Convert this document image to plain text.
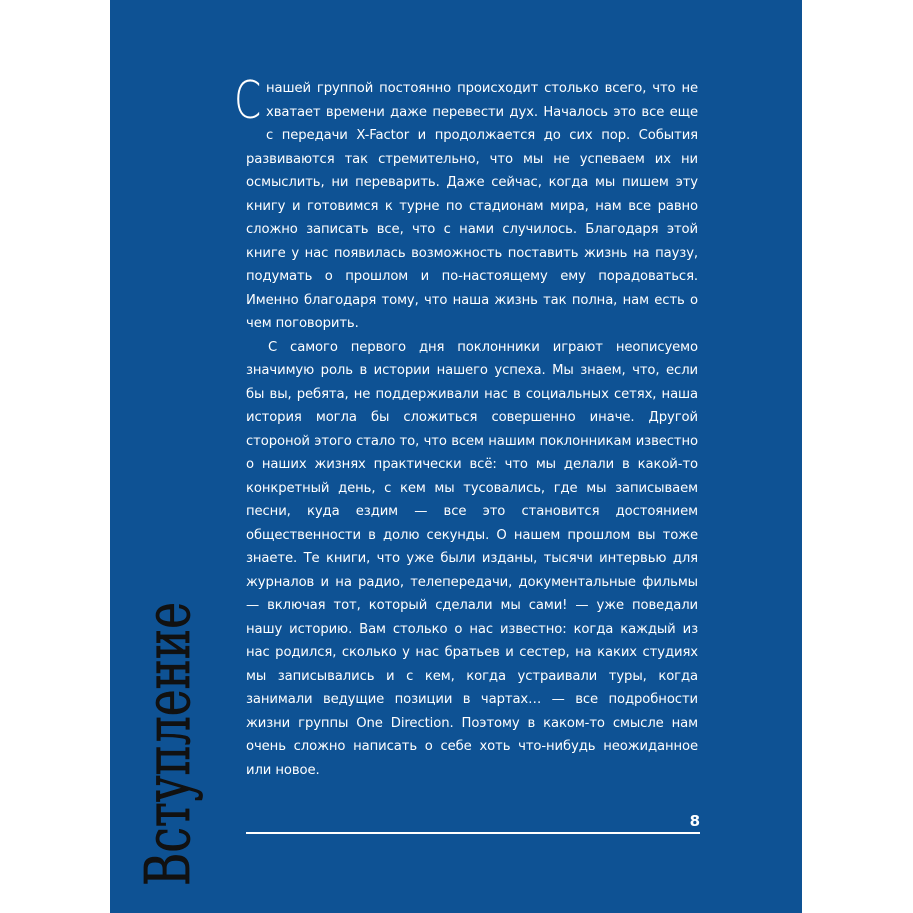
Вступление
С нашей группой постоянно происходит столько всего, что не хватает времени даже перевести дух. Началось это все еще с передачи X-Factor и продолжается до сих пор. События развиваются так стремительно, что мы не успеваем их ни осмыслить, ни переварить. Даже сейчас, когда мы пишем эту книгу и готовимся к турне по стадионам мира, нам все равно сложно записать все, что с нами случилось. Благодаря этой книге у нас появилась возможность поставить жизнь на паузу, подумать о прошлом и по-настоящему ему порадоваться. Именно благодаря тому, что наша жизнь так полна, нам есть о чем поговорить.

С самого первого дня поклонники играют неописуемо значимую роль в истории нашего успеха. Мы знаем, что, если бы вы, ребята, не поддерживали нас в социальных сетях, наша история могла бы сложиться совершенно иначе. Другой стороной этого стало то, что всем нашим поклонникам известно о наших жизнях практически всё: что мы делали в какой-то конкретный день, с кем мы тусовались, где мы записываем песни, куда ездим — все это становится достоянием общественности в долю секунды. О нашем прошлом вы тоже знаете. Те книги, что уже были изданы, тысячи интервью для журналов и на радио, телепередачи, документальные фильмы — включая тот, который сделали мы сами! — уже поведали нашу историю. Вам столько о нас известно: когда каждый из нас родился, сколько у нас братьев и сестер, на каких студиях мы записывались и с кем, когда устраивали туры, когда занимали ведущие позиции в чартах… — все подробности жизни группы One Direction. Поэтому в каком-то смысле нам очень сложно написать о себе хоть что-нибудь неожиданное или новое.

8
